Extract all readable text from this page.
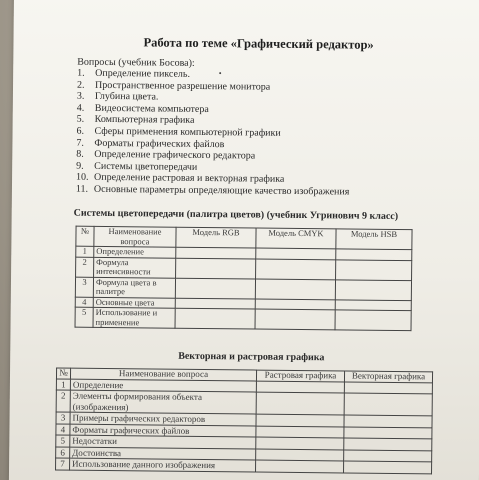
Работа по теме «Графический редактор»
Вопросы (учебник Босова):
1.	Определение пиксель.
2.	Пространственное разрешение монитора
3.	Глубина цвета.
4.	Видеосистема компьютера
5.	Компьютерная графика
6.	Сферы применения компьютерной графики
7.	Форматы графических файлов
8.	Определение графического редактора
9.	Системы цветопередачи
10. Определение растровая и векторная графика
11. Основные параметры определяющие качество изображения
Системы цветопередачи (палитра цветов) (учебник Угринович 9 класс)
№	Наименование вопроса	Модель RGB	Модель CMYK	Модель HSB
1	Определение			
2	Формула интенсивности			
3	Формула цвета в палитре			
4	Основные цвета			
5	Использование и применение			
Векторная и растровая графика
№	Наименование вопроса	Растровая графика	Векторная графика
1	Определение		
2	Элементы формирования объекта (изображения)		
3	Примеры графических редакторов		
4	Форматы графических файлов		
5	Недостатки		
6	Достоинства		
7	Использование данного изображения		
